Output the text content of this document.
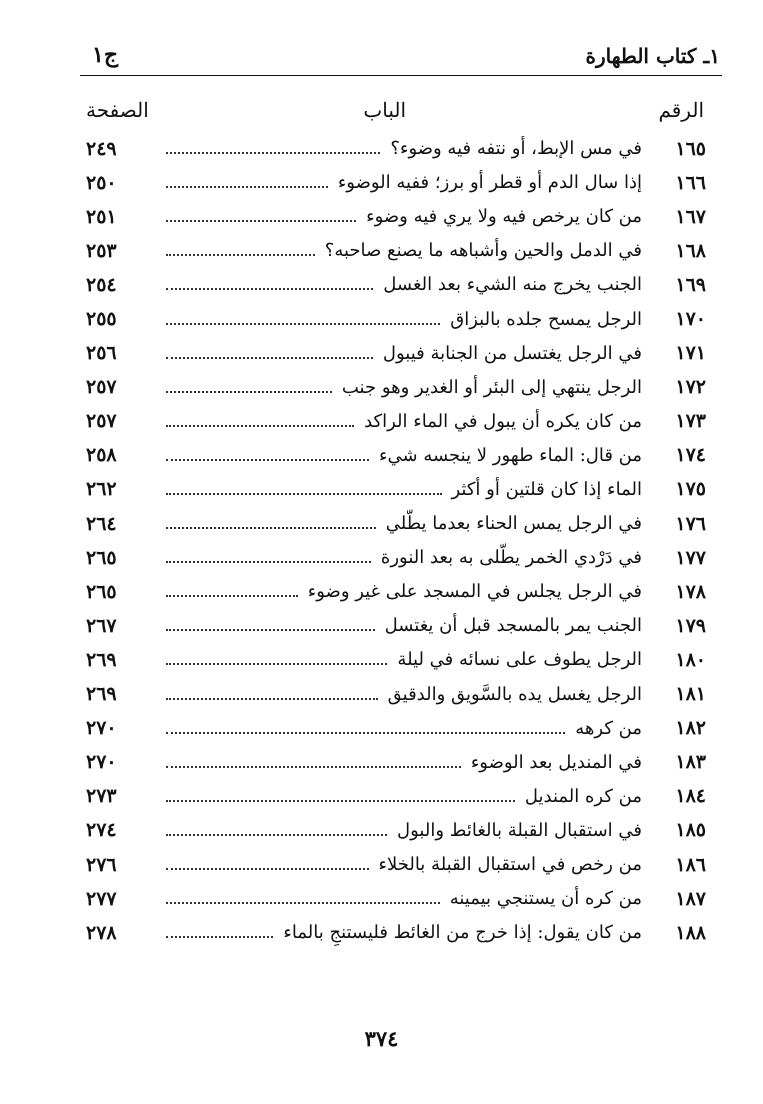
ج١	١ـ كتاب الطهارة
الرقم
الباب
الصفحة
١٦٥
في مس الإبط، أو نتفه فيه وضوء؟
٢٤٩
١٦٦
إذا سال الدم أو قطر أو برز؛ ففيه الوضوء
٢٥٠
١٦٧
من كان يرخص فيه ولا يري فيه وضوء
٢٥١
١٦٨
في الدمل والحين وأشباهه ما يصنع صاحبه؟
٢٥٣
١٦٩
الجنب يخرج منه الشيء بعد الغسل
٢٥٤
١٧٠
الرجل يمسح جلده بالبزاق
٢٥٥
١٧١
في الرجل يغتسل من الجنابة فيبول
٢٥٦
١٧٢
الرجل ينتهي إلى البئر أو الغدير وهو جنب
٢٥٧
١٧٣
من كان يكره أن يبول في الماء الراكد
٢٥٧
١٧٤
من قال: الماء طهور لا ينجسه شيء
٢٥٨
١٧٥
الماء إذا كان قلتين أو أكثر
٢٦٢
١٧٦
في الرجل يمس الحناء بعدما يطّلي
٢٦٤
١٧٧
في دَرْدي الخمر يطّلى به بعد النورة
٢٦٥
١٧٨
في الرجل يجلس في المسجد على غير وضوء
٢٦٥
١٧٩
الجنب يمر بالمسجد قبل أن يغتسل
٢٦٧
١٨٠
الرجل يطوف على نسائه في ليلة
٢٦٩
١٨١
الرجل يغسل يده بالسَّويق والدقيق
٢٦٩
١٨٢
من كرهه
٢٧٠
١٨٣
في المنديل بعد الوضوء
٢٧٠
١٨٤
من كره المنديل
٢٧٣
١٨٥
في استقبال القبلة بالغائط والبول
٢٧٤
١٨٦
من رخص في استقبال القبلة بالخلاء
٢٧٦
١٨٧
من كره أن يستنجي بيمينه
٢٧٧
١٨٨
من كان يقول: إذا خرج من الغائط فليستنجِ بالماء
٢٧٨
٣٧٤
